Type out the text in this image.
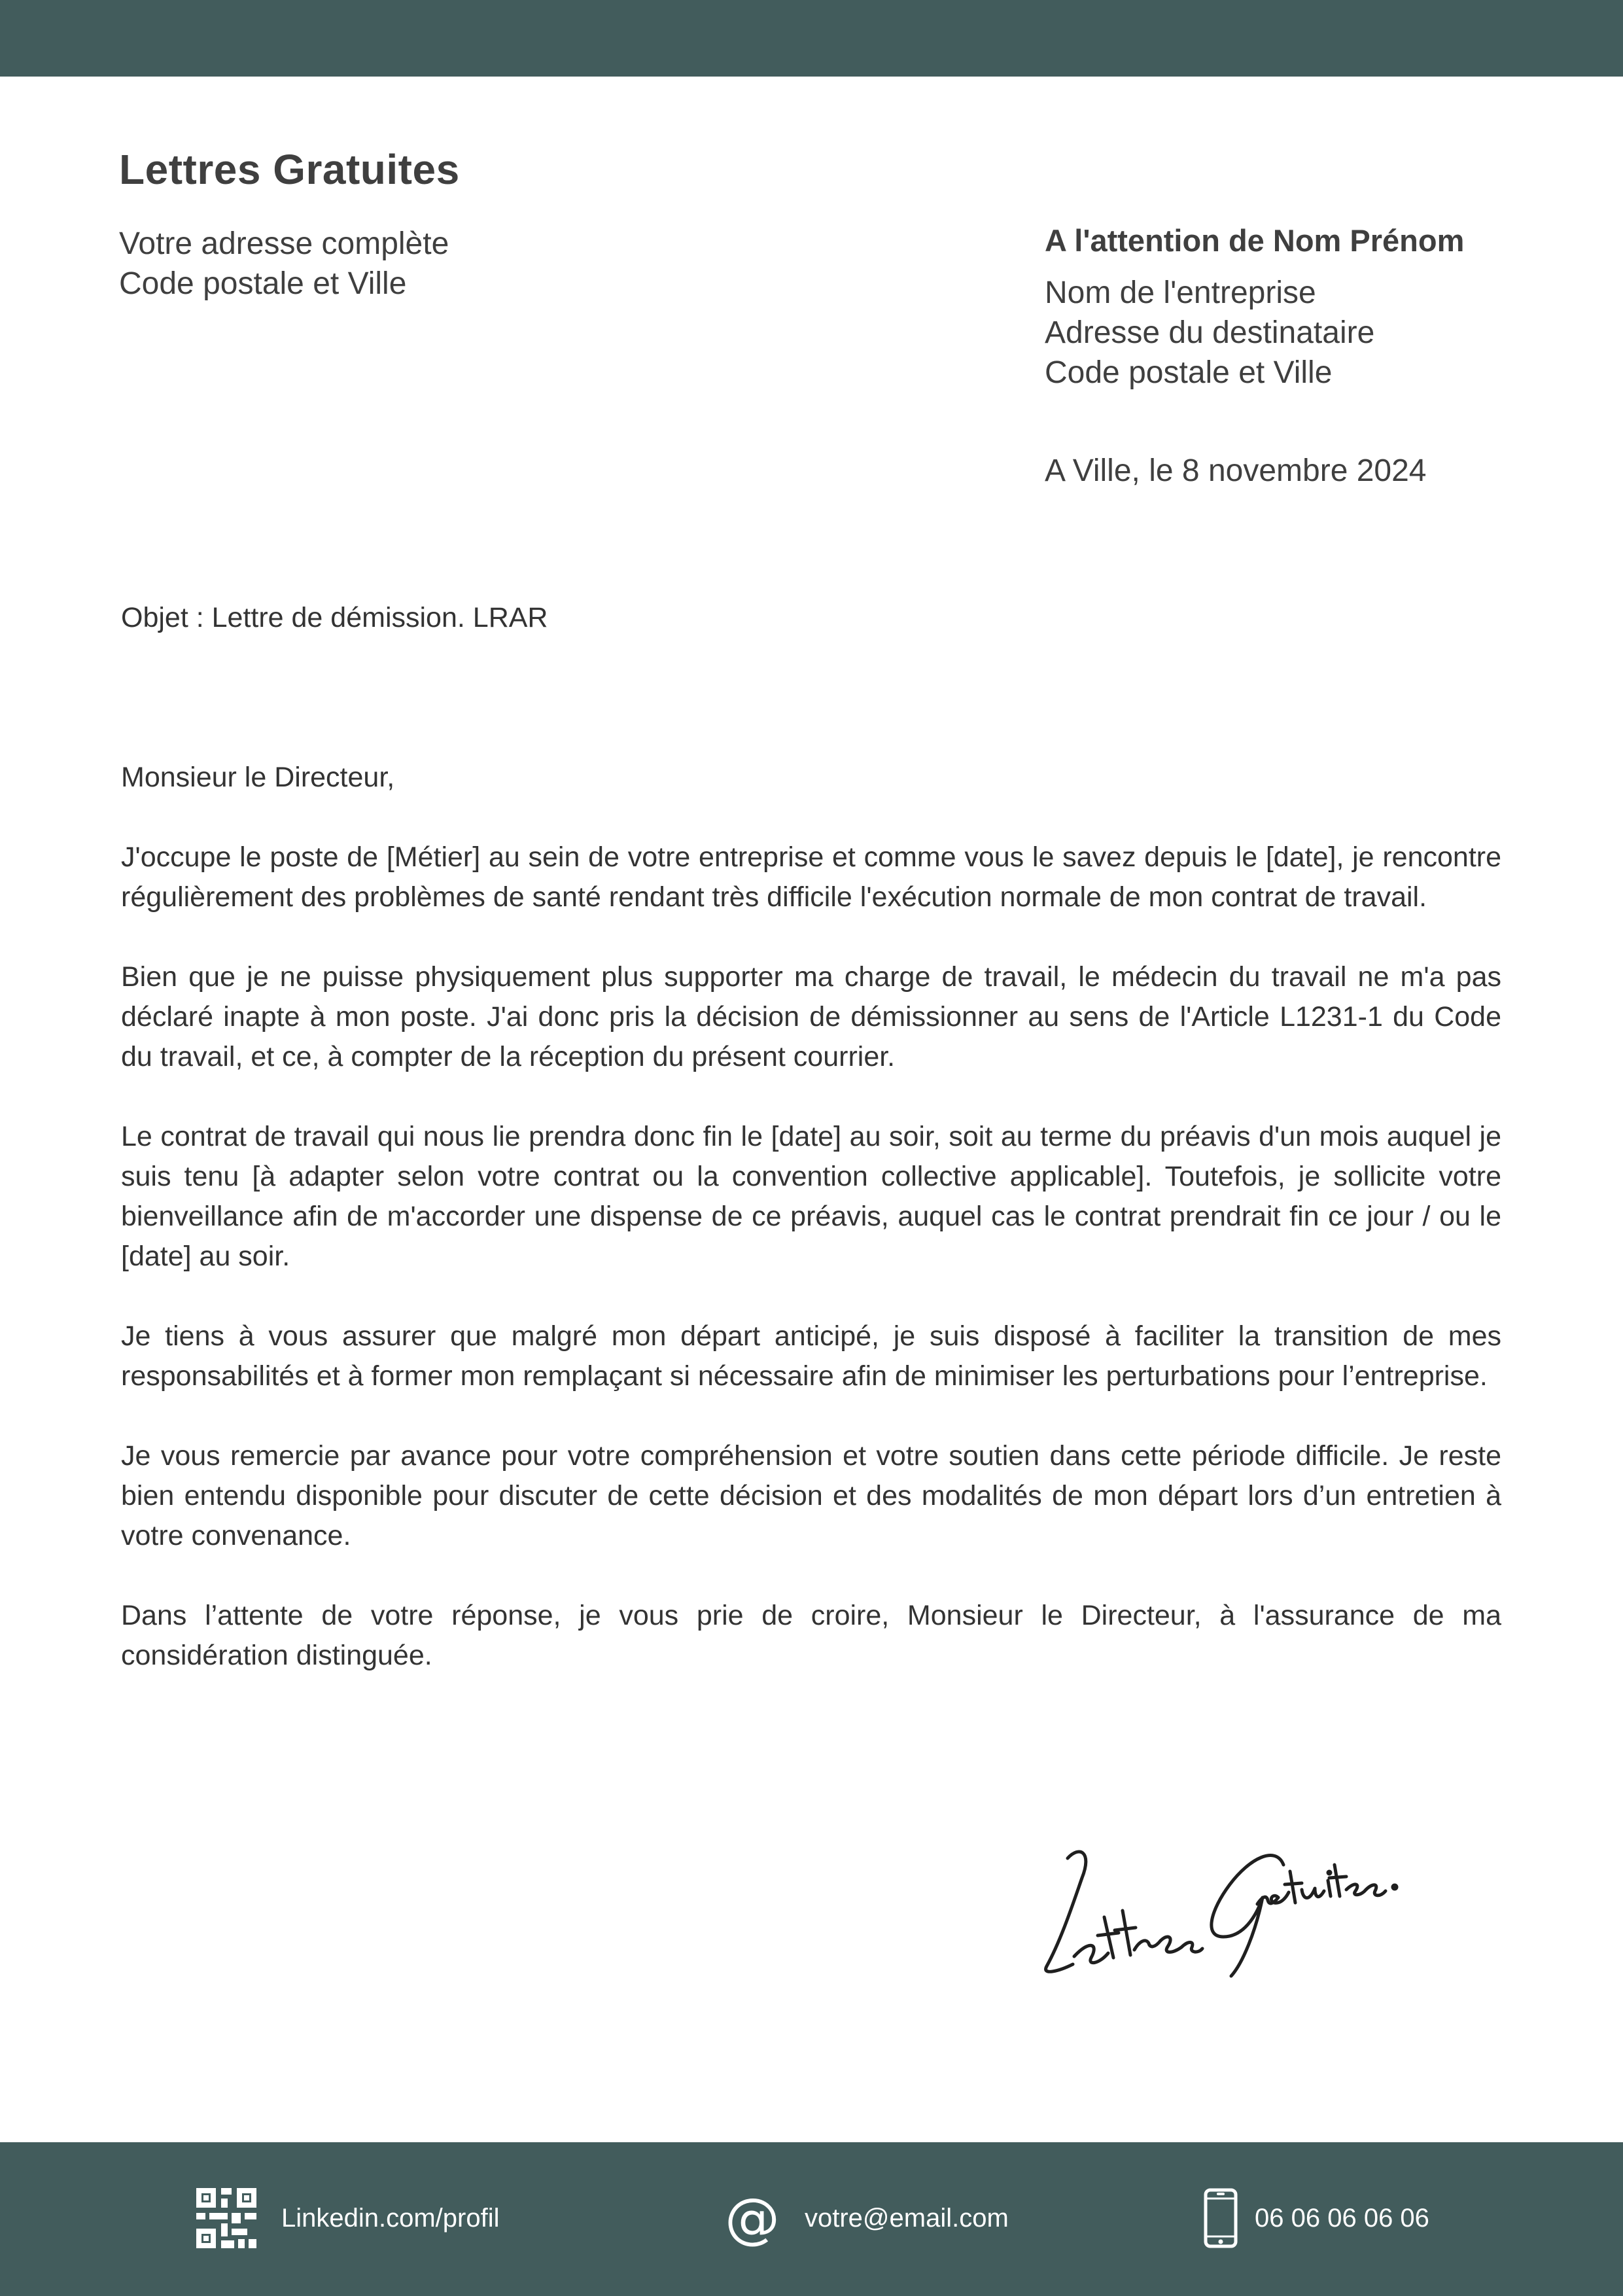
Lettres Gratuites
Votre adresse complète
Code postale et Ville
A l'attention de Nom Prénom
Nom de l'entreprise
Adresse du destinataire
Code postale et Ville
A Ville, le 8 novembre 2024
Objet : Lettre de démission. LRAR

Monsieur le Directeur,

J'occupe le poste de [Métier] au sein de votre entreprise et comme vous le savez depuis le [date], je rencontre régulièrement des problèmes de santé rendant très difficile l'exécution normale de mon contrat de travail.

Bien que je ne puisse physiquement plus supporter ma charge de travail, le médecin du travail ne m'a pas déclaré inapte à mon poste. J'ai donc pris la décision de démissionner au sens de l'Article L1231-1 du Code du travail, et ce, à compter de la réception du présent courrier.

Le contrat de travail qui nous lie prendra donc fin le [date] au soir, soit au terme du préavis d'un mois auquel je suis tenu [à adapter selon votre contrat ou la convention collective applicable]. Toutefois, je sollicite votre bienveillance afin de m'accorder une dispense de ce préavis, auquel cas le contrat prendrait fin ce jour / ou le [date] au soir.

Je tiens à vous assurer que malgré mon départ anticipé, je suis disposé à faciliter la transition de mes responsabilités et à former mon remplaçant si nécessaire afin de minimiser les perturbations pour l’entreprise.

Je vous remercie par avance pour votre compréhension et votre soutien dans cette période difficile. Je reste bien entendu disponible pour discuter de cette décision et des modalités de mon départ lors d’un entretien à votre convenance.

Dans l’attente de votre réponse, je vous prie de croire, Monsieur le Directeur, à l'assurance de ma considération distinguée.

Linkedin.com/profil	@ votre@email.com	06 06 06 06 06
